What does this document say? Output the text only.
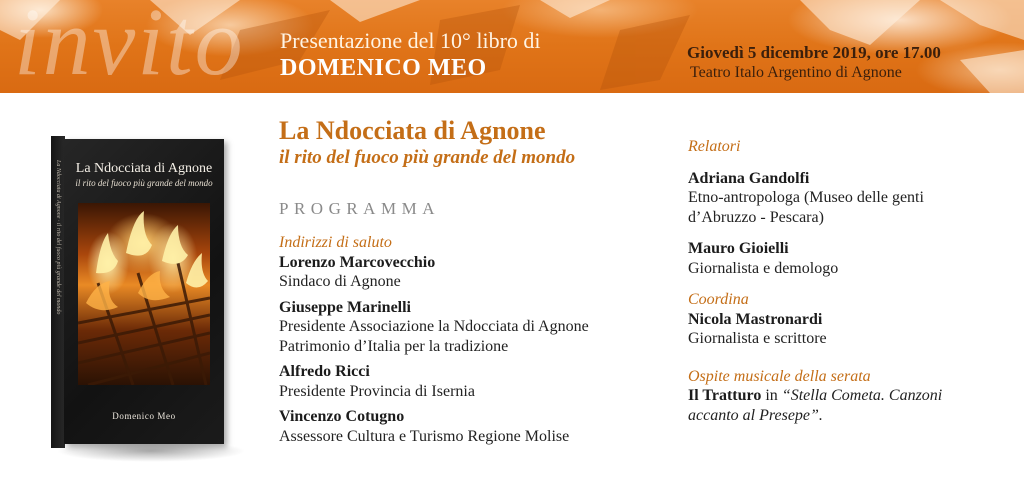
invito Presentazione del 10° libro di
DOMENICO MEO
Giovedì 5 dicembre 2019, ore 17.00
Teatro Italo Argentino di Agnone
La Ndocciata di Agnone · il rito del fuoco più grande del mondo	La Ndocciata di Agnone
il rito del fuoco più grande del mondo
Domenico Meo
La Ndocciata di Agnone
il rito del fuoco più grande del mondo
PROGRAMMA
Indirizzi di saluto
Lorenzo Marcovecchio
Sindaco di Agnone
Giuseppe Marinelli
Presidente Associazione la Ndocciata di Agnone
Patrimonio d’Italia per la tradizione
Alfredo Ricci
Presidente Provincia di Isernia
Vincenzo Cotugno
Assessore Cultura e Turismo Regione Molise
Relatori
Adriana Gandolfi
Etno-antropologa (Museo delle genti
d’Abruzzo - Pescara)
Mauro Gioielli
Giornalista e demologo
Coordina
Nicola Mastronardi
Giornalista e scrittore
Ospite musicale della serata
Il Tratturo in “Stella Cometa. Canzoni
accanto al Presepe”.
